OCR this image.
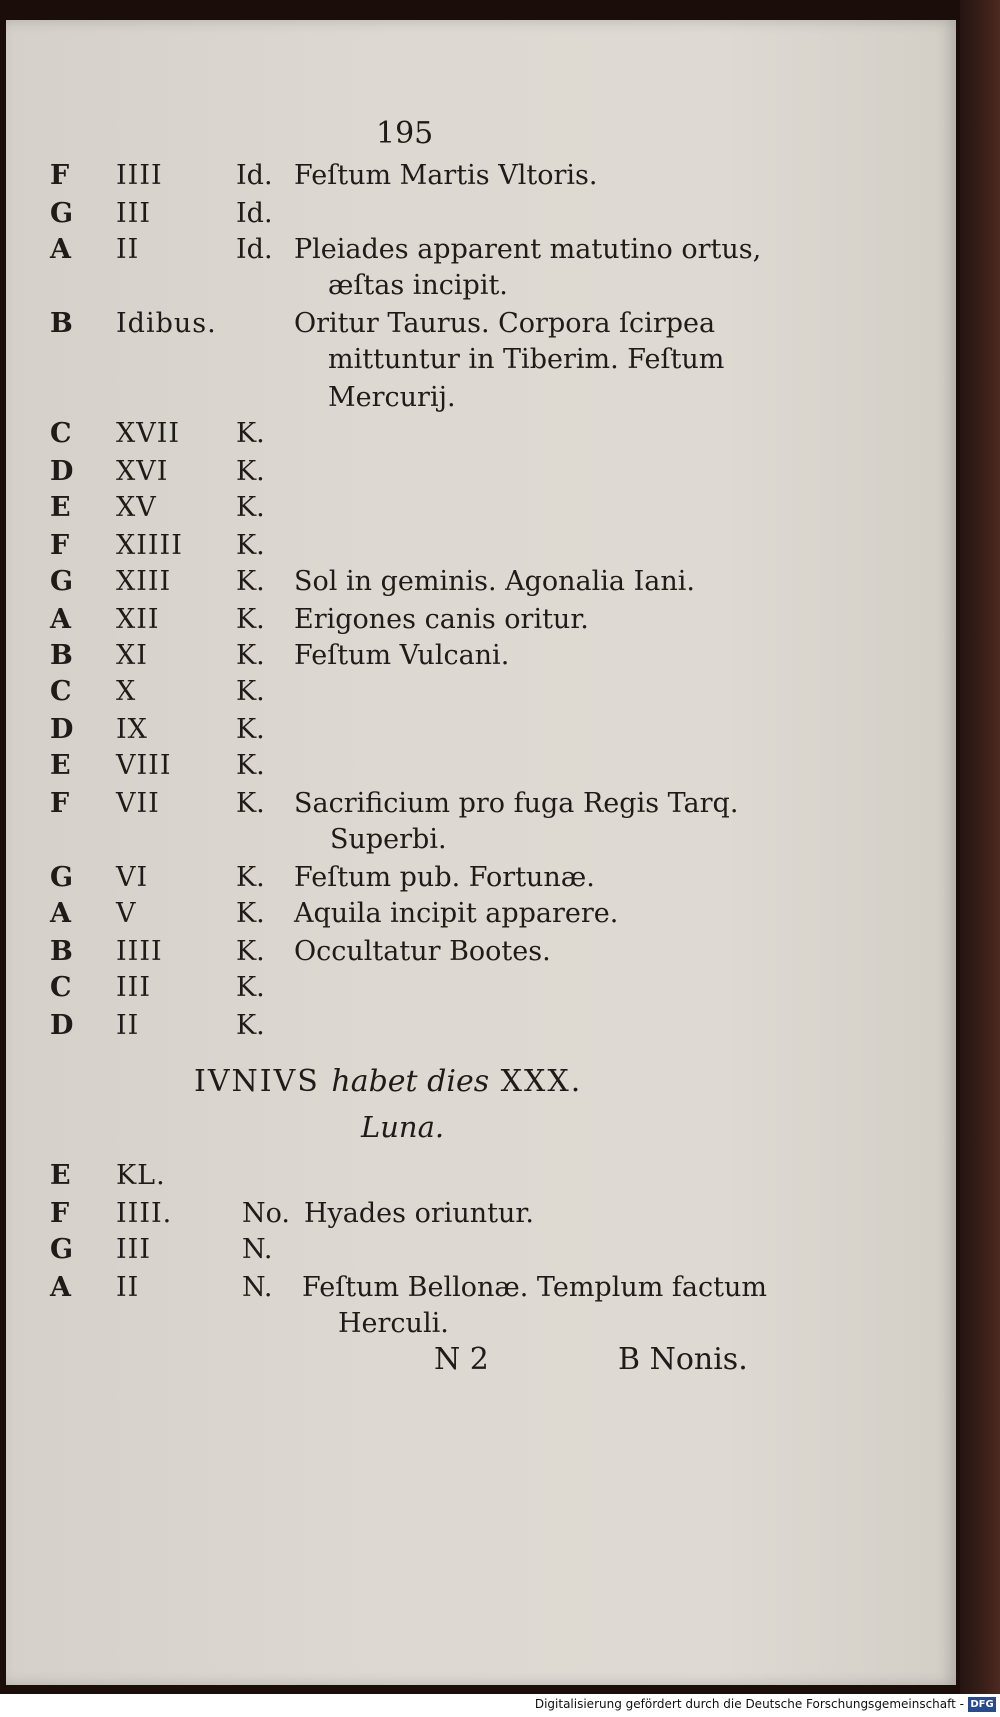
195
F	IIII	Id. Feſtum Martis Vltoris.
G	III	Id.
A	II	Id. Pleiades apparent matutino ortus,
æſtas incipit.
B	Idibus.	Oritur Taurus. Corpora ſcirpea
mittuntur in Tiberim. Feſtum
Mercurij.
C	XVII K.
D	XVI	K.
E	XV	K.
F	XIIII K.
G	XIII K. Sol in geminis. Agonalia Iani.
A	XII	K. Erigones canis oritur.
B	XI	K. Feſtum Vulcani.
C	X	K.
D	IX	K.
E	VIII K.
F	VII	K. Sacrificium pro fuga Regis Tarq.
Superbi.
G	VI	K. Feſtum pub. Fortunæ.
A	V	K. Aquila incipit apparere.
B	IIII	K. Occultatur Bootes.
C	III	K.
D	II	K.
IVNIVS habet dies XXX.
Luna.
E	KL.
F	IIII.	No. Hyades oriuntur.
G	III	N.
A	II	N. Feſtum Bellonæ. Templum factum
Herculi.
N 2	B Nonis.
Digitalisierung gefördert durch die Deutsche Forschungsgemeinschaft - DFG
